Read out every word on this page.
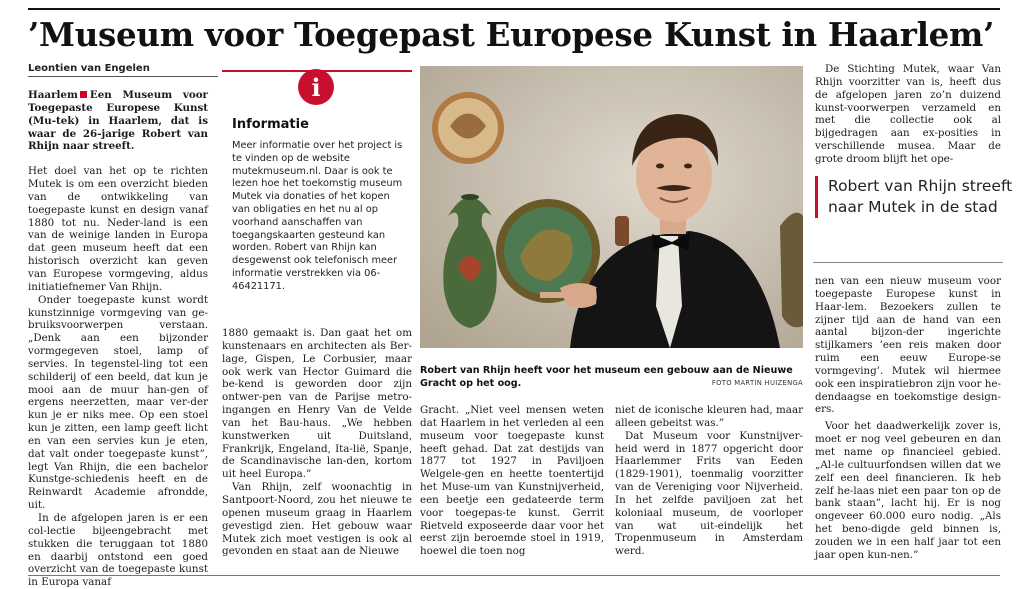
’Museum voor Toegepast Europese Kunst in Haarlem’
Leontien van Engelen

Haarlem Een Museum voor Toegepaste Europese Kunst (Mu-tek) in Haarlem, dat is waar de 26-jarige Robert van Rhijn naar streeft.

Het doel van het op te richten Mutek is om een overzicht bieden van de ontwikkeling van toegepaste kunst en design vanaf 1880 tot nu. Neder-land is een van de weinige landen in Europa dat geen museum heeft dat een historisch overzicht kan geven van Europese vormgeving, aldus initiatiefnemer Van Rhijn.

Onder toegepaste kunst wordt kunstzinnige vormgeving van ge-bruiksvoorwerpen verstaan. „Denk aan een bijzonder vormgegeven stoel, lamp of servies. In tegenstel-ling tot een schilderij of een beeld, dat kun je mooi aan de muur han-gen of ergens neerzetten, maar ver-der kun je er niks mee. Op een stoel kun je zitten, een lamp geeft licht en van een servies kun je eten, dat valt onder toegepaste kunst”, legt Van Rhijn, die een bachelor Kunstge-schiedenis heeft en de Reinwardt Academie afrondde, uit.

In de afgelopen jaren is er een col-lectie bijeengebracht met stukken die teruggaan tot 1880 en daarbij ontstond een goed overzicht van de toegepaste kunst in Europa vanaf

i
Informatie

Meer informatie over het project is te vinden op de website mutekmuseum.nl. Daar is ook te lezen hoe het toekomstig museum Mutek via donaties of het kopen van obligaties en het nu al op voorhand aanschaffen van toegangskaarten gesteund kan worden. Robert van Rhijn kan desgewenst ook telefonisch meer informatie verstrekken via 06-46421171.

1880 gemaakt is. Dan gaat het om kunstenaars en architecten als Ber-lage, Gispen, Le Corbusier, maar ook werk van Hector Guimard die be-kend is geworden door zijn ontwer-pen van de Parijse metro-ingangen en Henry Van de Velde van het Bau-haus. „We hebben kunstwerken uit Duitsland, Frankrijk, Engeland, Ita-lië, Spanje, de Scandinavische lan-den, kortom uit heel Europa.”

Van Rhijn, zelf woonachtig in Santpoort-Noord, zou het nieuwe te openen museum graag in Haarlem gevestigd zien. Het gebouw waar Mutek zich moet vestigen is ook al gevonden en staat aan de Nieuwe

Robert van Rhijn heeft voor het museum een gebouw aan de Nieuwe Gracht op het oog.	FOTO MARTIN HUIZENGA

Gracht. „Niet veel mensen weten dat Haarlem in het verleden al een museum voor toegepaste kunst heeft gehad. Dat zat destijds van 1877 tot 1927 in Paviljoen Welgele-gen en heette toentertijd het Muse-um van Kunstnijverheid, een beetje een gedateerde term voor toegepas-te kunst. Gerrit Rietveld exposeerde daar voor het eerst zijn beroemde stoel in 1919, hoewel die toen nog

niet de iconische kleuren had, maar alleen gebeitst was.”

Dat Museum voor Kunstnijver-heid werd in 1877 opgericht door Haarlemmer Frits van Eeden (1829-1901), toenmalig voorzitter van de Vereniging voor Nijverheid. In het zelfde paviljoen zat het koloniaal museum, de voorloper van wat uit-eindelijk het Tropenmuseum in Amsterdam werd.

De Stichting Mutek, waar Van Rhijn voorzitter van is, heeft dus de afgelopen jaren zo’n duizend kunst-voorwerpen verzameld en met die collectie ook al bijgedragen aan ex-posities in verschillende musea. Maar de grote droom blijft het ope-

Robert van Rhijn streeft naar Mutek in de stad

nen van een nieuw museum voor toegepaste Europese kunst in Haar-lem. Bezoekers zullen te zijner tijd aan de hand van een aantal bijzon-der ingerichte stijlkamers ’een reis maken door ruim een eeuw Europe-se vormgeving’. Mutek wil hiermee ook een inspiratiebron zijn voor he-dendaagse en toekomstige design-ers.

Voor het daadwerkelijk zover is, moet er nog veel gebeuren en dan met name op financieel gebied. „Al-le cultuurfondsen willen dat we zelf een deel financieren. Ik heb zelf he-laas niet een paar ton op de bank staan”, lacht hij. Er is nog ongeveer 60.000 euro nodig. „Als het beno-digde geld binnen is, zouden we in een half jaar tot een jaar open kun-nen.”
